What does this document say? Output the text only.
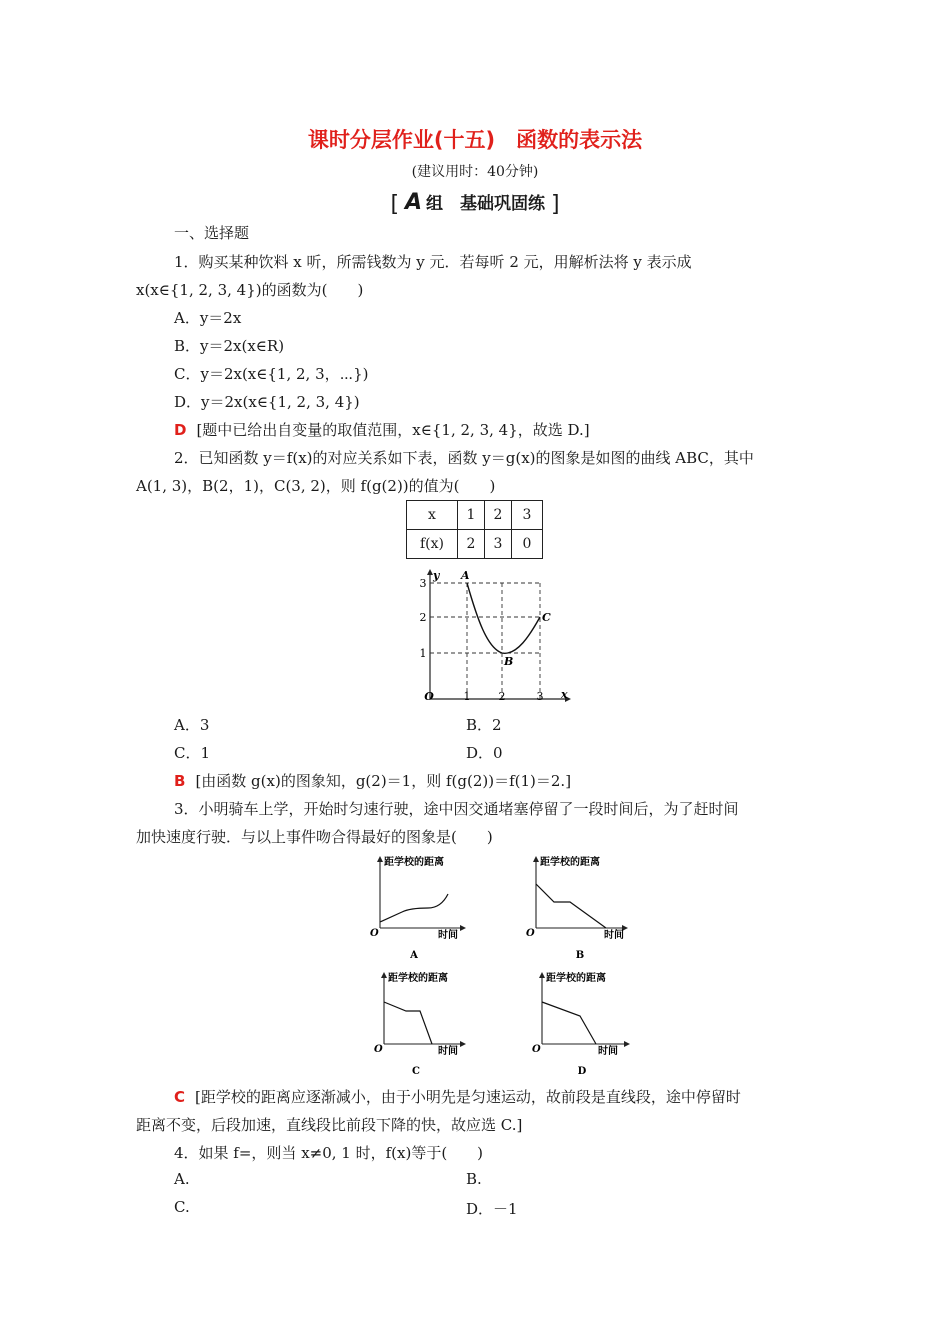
课时分层作业(十五)　函数的表示法
(建议用时：40分钟)
[ A 组　基础巩固练 ]
一、选择题
1．购买某种饮料 x 听，所需钱数为 y 元．若每听 2 元，用解析法将 y 表示成
x(x∈{1, 2, 3, 4})的函数为(　　)
A．y＝2x
B．y＝2x(x∈R)
C．y＝2x(x∈{1, 2, 3，⋯})
D．y＝2x(x∈{1, 2, 3, 4})
D [题中已给出自变量的取值范围，x∈{1, 2, 3, 4}，故选 D.]
2．已知函数 y＝f(x)的对应关系如下表，函数 y＝g(x)的图象是如图的曲线 ABC，其中
A(1, 3)，B(2，1)，C(3, 2)，则 f(g(2))的值为(　　)
x	1	2	3
f(x)	2	3	0
y
x
3
2
1
O	1	2	3
A
B
C
A．3	B．2
C．1	D．0
B [由函数 g(x)的图象知，g(2)＝1，则 f(g(2))＝f(1)＝2.]
3．小明骑车上学，开始时匀速行驶，途中因交通堵塞停留了一段时间后，为了赶时间
加快速度行驶．与以上事件吻合得最好的图象是(　　)
距学校的距离
O	时间
A
距学校的距离
O	时间
B
距学校的距离
O	时间
C
距学校的距离
O	时间
D
C [距学校的距离应逐渐减小，由于小明先是匀速运动，故前段是直线段，途中停留时
距离不变，后段加速，直线段比前段下降的快，故应选 C.]
4．如果 f=，则当 x≠0, 1 时，f(x)等于(　　)
A.	B.
C.	D．－1
